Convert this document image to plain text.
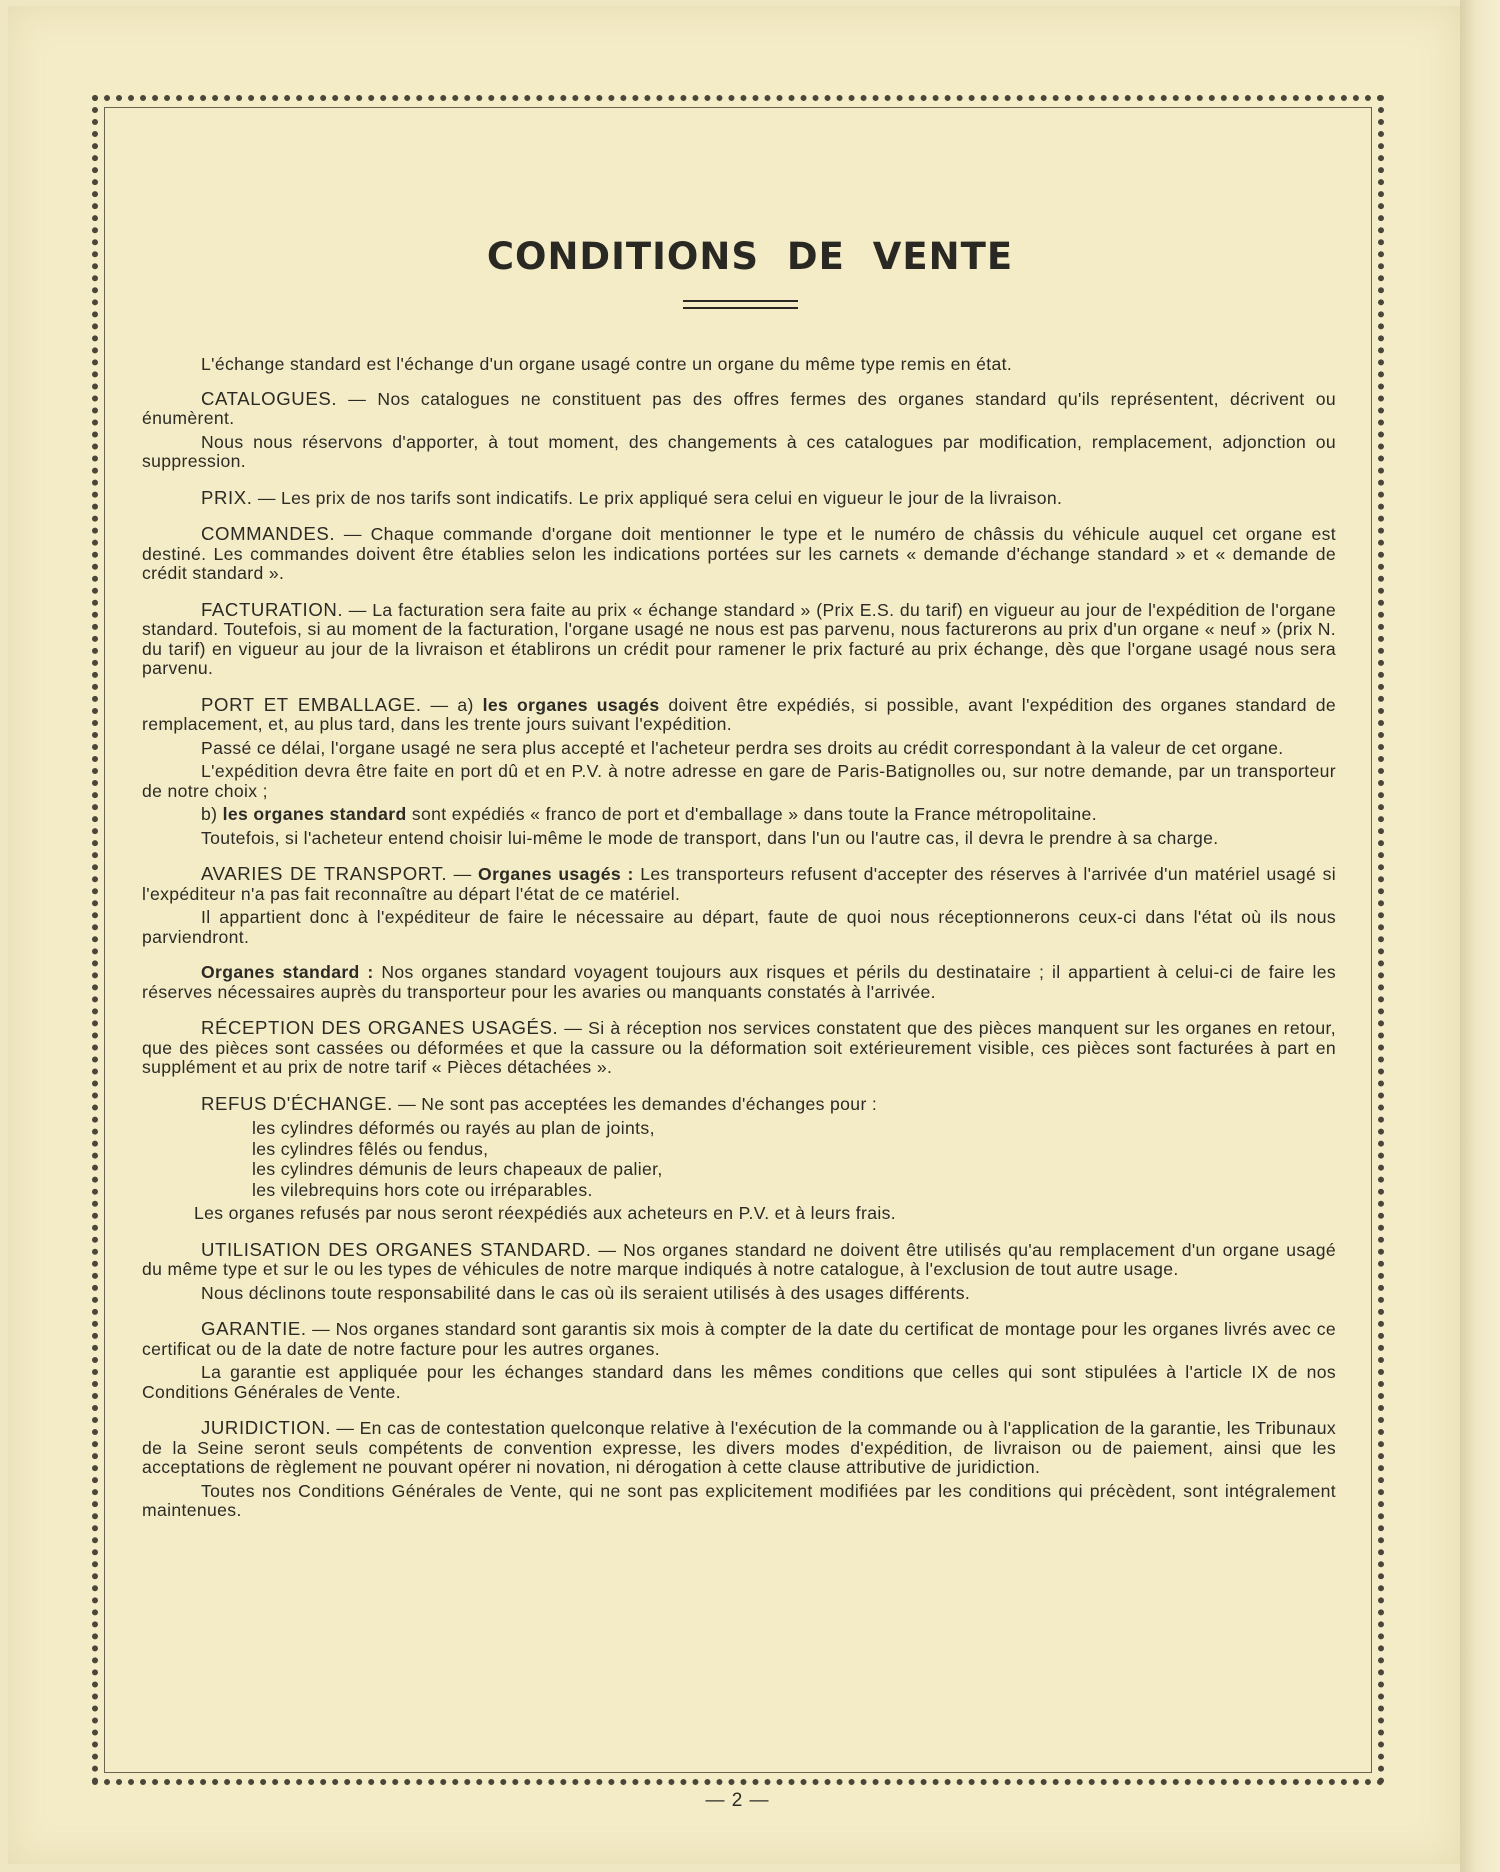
CONDITIONS DE VENTE

L'échange standard est l'échange d'un organe usagé contre un organe du même type remis en état.

CATALOGUES. — Nos catalogues ne constituent pas des offres fermes des organes standard qu'ils représentent, décrivent ou énumèrent.

Nous nous réservons d'apporter, à tout moment, des changements à ces catalogues par modification, remplacement, adjonction ou suppression.

PRIX. — Les prix de nos tarifs sont indicatifs. Le prix appliqué sera celui en vigueur le jour de la livraison.

COMMANDES. — Chaque commande d'organe doit mentionner le type et le numéro de châssis du véhicule auquel cet organe est destiné. Les commandes doivent être établies selon les indications portées sur les carnets « demande d'échange standard » et « demande de crédit standard ».

FACTURATION. — La facturation sera faite au prix « échange standard » (Prix E.S. du tarif) en vigueur au jour de l'expédition de l'organe standard. Toutefois, si au moment de la facturation, l'organe usagé ne nous est pas parvenu, nous facturerons au prix d'un organe « neuf » (prix N. du tarif) en vigueur au jour de la livraison et établirons un crédit pour ramener le prix facturé au prix échange, dès que l'organe usagé nous sera parvenu.

PORT ET EMBALLAGE. — a) les organes usagés doivent être expédiés, si possible, avant l'expédition des organes standard de remplacement, et, au plus tard, dans les trente jours suivant l'expédition.

Passé ce délai, l'organe usagé ne sera plus accepté et l'acheteur perdra ses droits au crédit correspondant à la valeur de cet organe.

L'expédition devra être faite en port dû et en P.V. à notre adresse en gare de Paris-Batignolles ou, sur notre demande, par un transporteur de notre choix ;

b) les organes standard sont expédiés « franco de port et d'emballage » dans toute la France métropolitaine.

Toutefois, si l'acheteur entend choisir lui-même le mode de transport, dans l'un ou l'autre cas, il devra le prendre à sa charge.

AVARIES DE TRANSPORT. — Organes usagés : Les transporteurs refusent d'accepter des réserves à l'arrivée d'un matériel usagé si l'expéditeur n'a pas fait reconnaître au départ l'état de ce matériel.

Il appartient donc à l'expéditeur de faire le nécessaire au départ, faute de quoi nous réceptionnerons ceux-ci dans l'état où ils nous parviendront.

Organes standard : Nos organes standard voyagent toujours aux risques et périls du destinataire ; il appartient à celui-ci de faire les réserves nécessaires auprès du transporteur pour les avaries ou manquants constatés à l'arrivée.

RÉCEPTION DES ORGANES USAGÉS. — Si à réception nos services constatent que des pièces manquent sur les organes en retour, que des pièces sont cassées ou déformées et que la cassure ou la déformation soit extérieurement visible, ces pièces sont facturées à part en supplément et au prix de notre tarif « Pièces détachées ».

REFUS D'ÉCHANGE. — Ne sont pas acceptées les demandes d'échanges pour :

les cylindres déformés ou rayés au plan de joints,
les cylindres fêlés ou fendus,
les cylindres démunis de leurs chapeaux de palier,
les vilebrequins hors cote ou irréparables.

Les organes refusés par nous seront réexpédiés aux acheteurs en P.V. et à leurs frais.

UTILISATION DES ORGANES STANDARD. — Nos organes standard ne doivent être utilisés qu'au remplacement d'un organe usagé du même type et sur le ou les types de véhicules de notre marque indiqués à notre catalogue, à l'exclusion de tout autre usage.

Nous déclinons toute responsabilité dans le cas où ils seraient utilisés à des usages différents.

GARANTIE. — Nos organes standard sont garantis six mois à compter de la date du certificat de montage pour les organes livrés avec ce certificat ou de la date de notre facture pour les autres organes.

La garantie est appliquée pour les échanges standard dans les mêmes conditions que celles qui sont stipulées à l'article IX de nos Conditions Générales de Vente.

JURIDICTION. — En cas de contestation quelconque relative à l'exécution de la commande ou à l'application de la garantie, les Tribunaux de la Seine seront seuls compétents de convention expresse, les divers modes d'expédition, de livraison ou de paiement, ainsi que les acceptations de règlement ne pouvant opérer ni novation, ni dérogation à cette clause attributive de juridiction.

Toutes nos Conditions Générales de Vente, qui ne sont pas explicitement modifiées par les conditions qui précèdent, sont intégralement maintenues.

— 2 —
